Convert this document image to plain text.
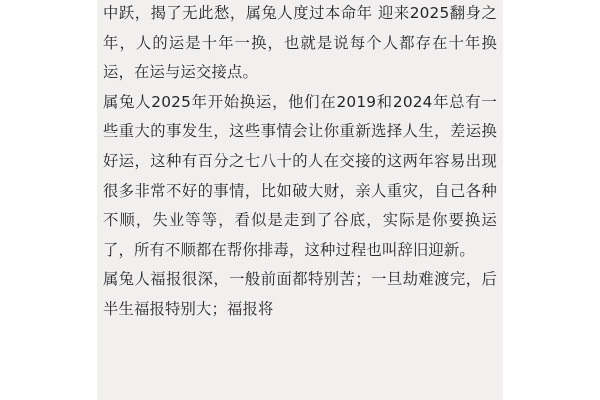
中跃，揭了无此愁，属兔人度过本命年 迎来2025翻身之年，人的运是十年一换，也就是说每个人都存在十年换运，在运与运交接点。

属兔人2025年开始换运，他们在2019和2024年总有一些重大的事发生，这些事情会让你重新选择人生，差运换好运，这种有百分之七八十的人在交接的这两年容易出现很多非常不好的事情，比如破大财，亲人重灾，自己各种不顺，失业等等，看似是走到了谷底，实际是你要换运了，所有不顺都在帮你排毒，这种过程也叫辞旧迎新。

属兔人福报很深，一般前面都特别苦；一旦劫难渡完，后半生福报特别大；福报将
